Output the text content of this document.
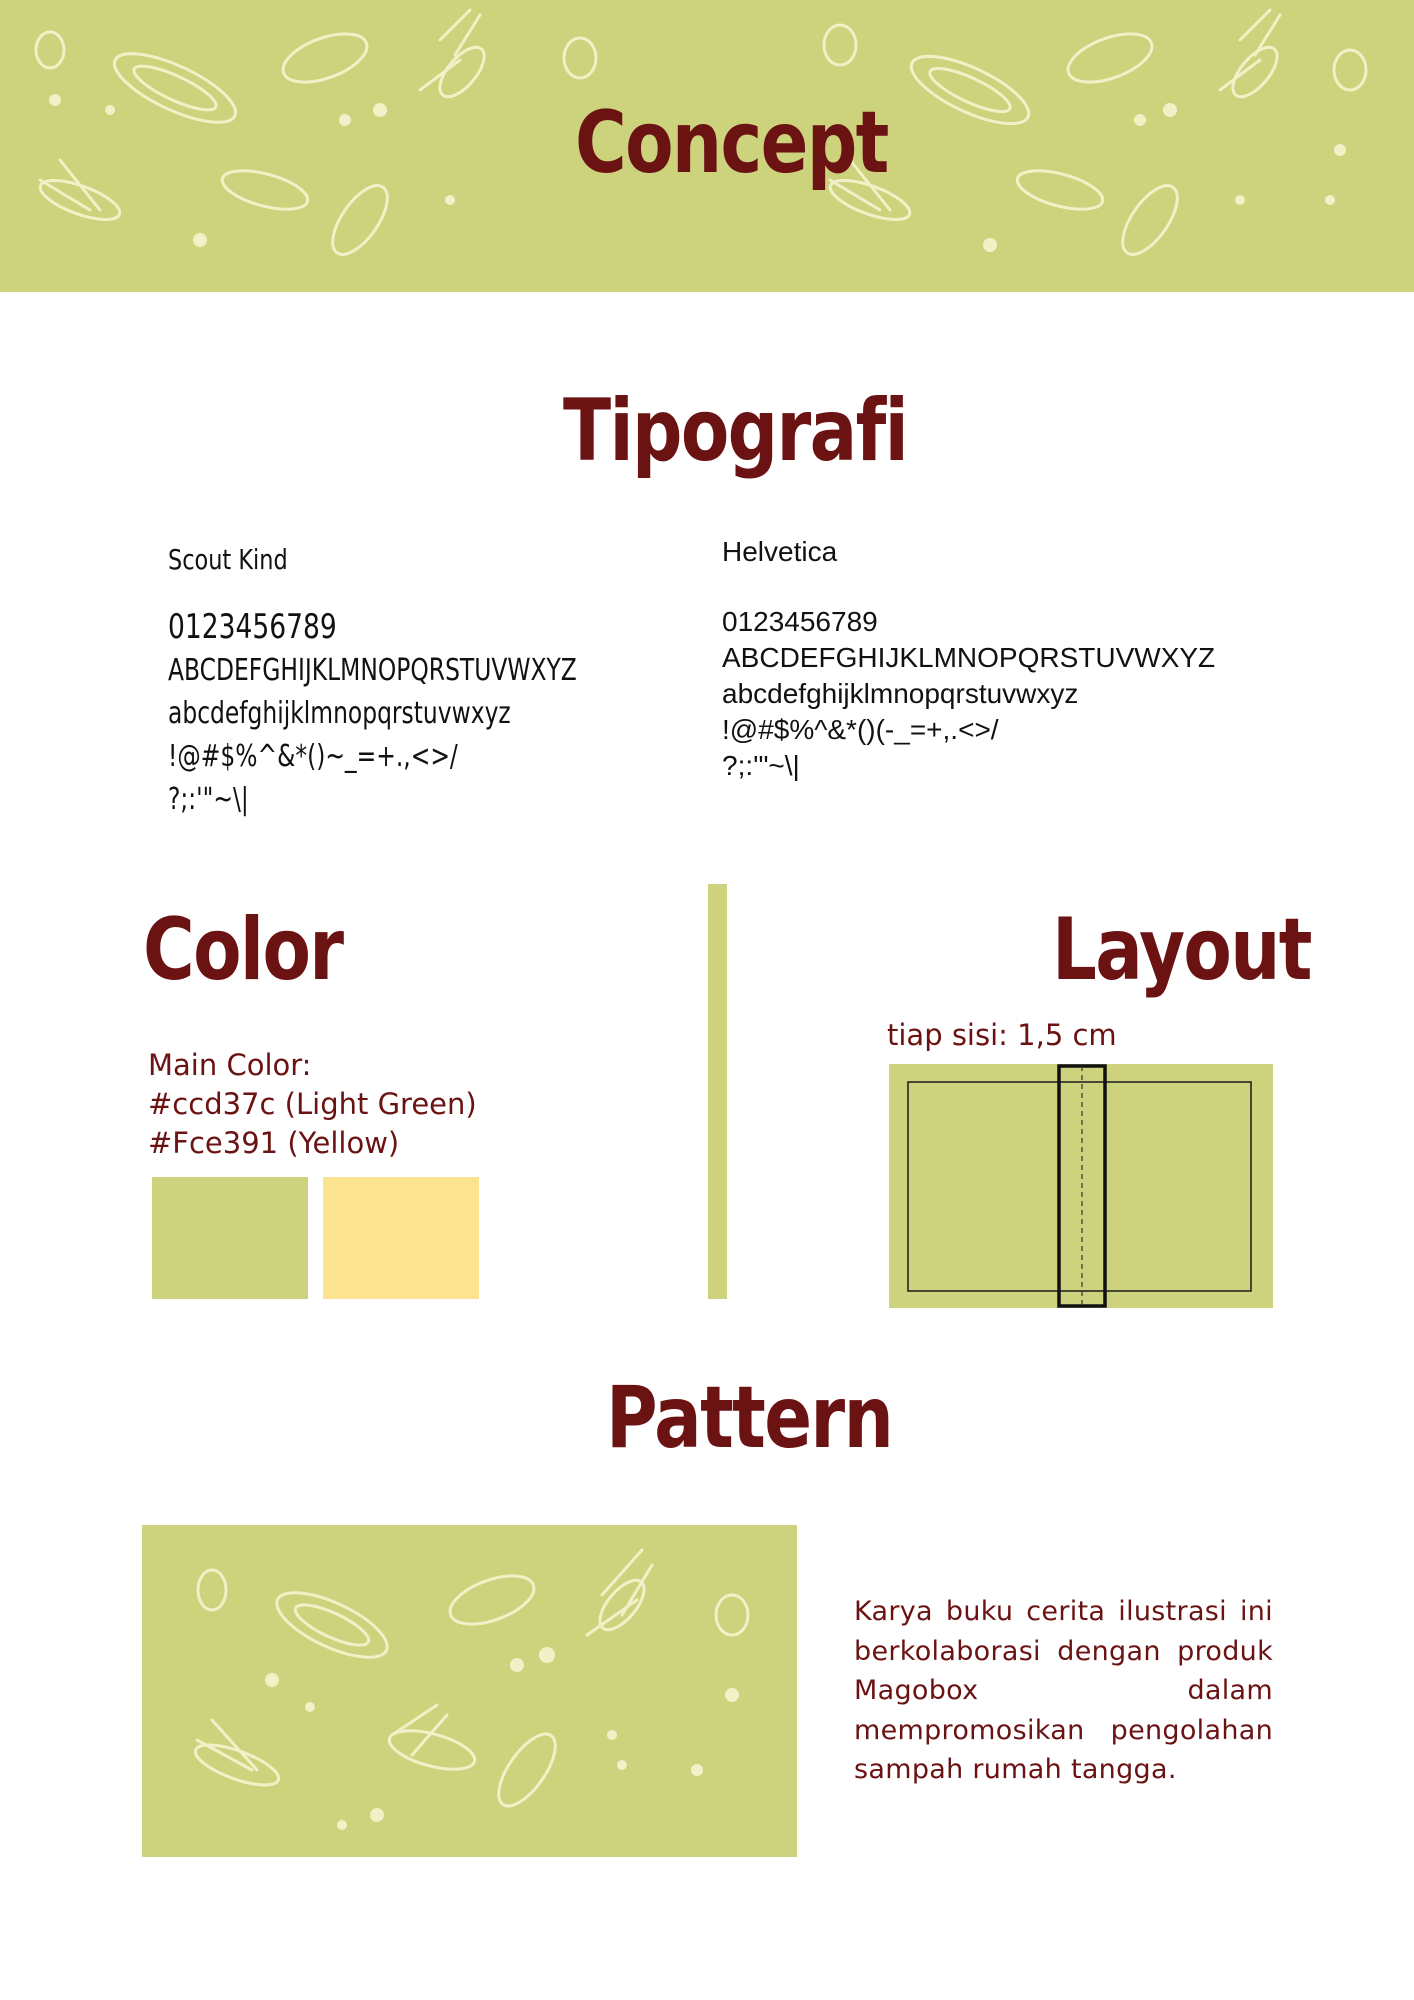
Concept
Tipografi
Scout Kind
0123456789
ABCDEFGHIJKLMNOPQRSTUVWXYZ
abcdefghijklmnopqrstuvwxyz
!@#$%^&*()~_=+.,<>/
?;:'"~\|
Helvetica
0123456789
ABCDEFGHIJKLMNOPQRSTUVWXYZ
abcdefghijklmnopqrstuvwxyz
!@#$%^&*()(-_=+,.<>/
?;:'"~\|
Color
Main Color:
#ccd37c (Light Green)
#Fce391 (Yellow)
Layout
tiap sisi: 1,5 cm
Pattern
Karya buku cerita ilustrasi ini berkolaborasi dengan produk Magobox dalam mempromosikan pengolahan sampah rumah tangga.
